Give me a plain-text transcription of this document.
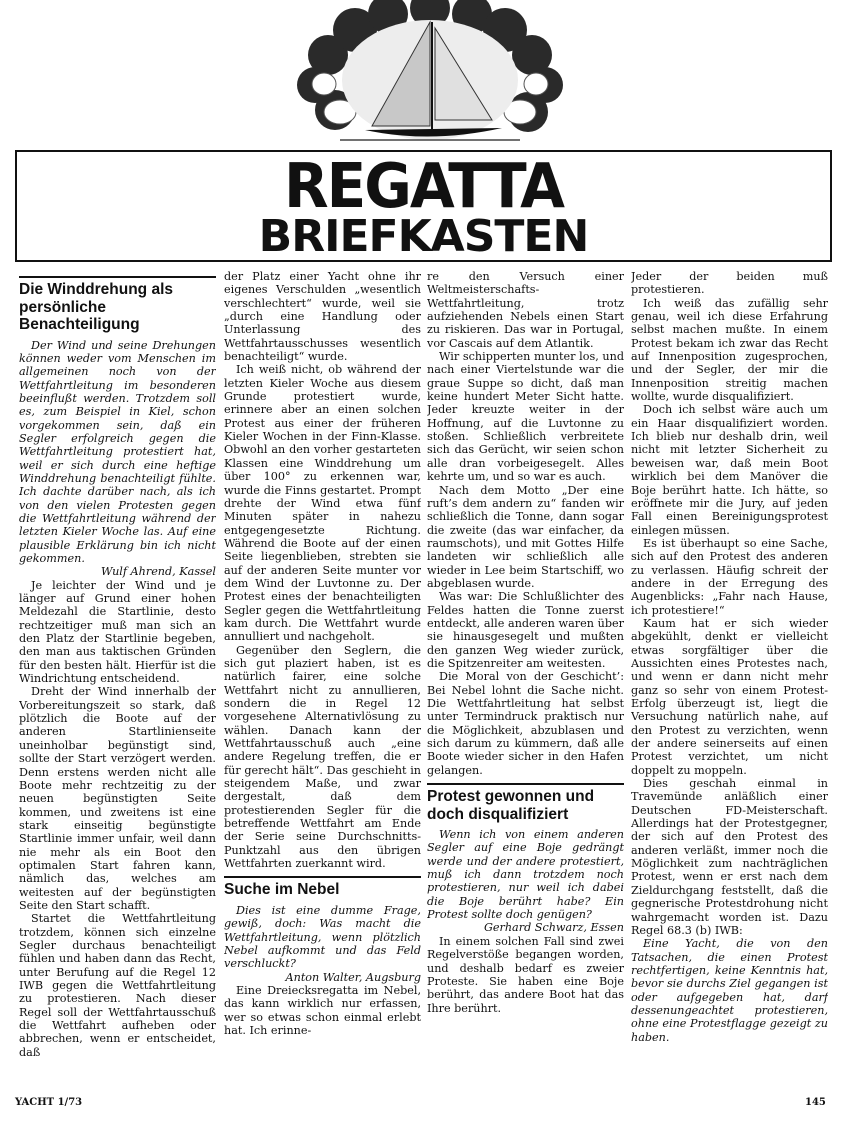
REGATTA
BRIEFKASTEN
Die Winddrehung als persönliche Benachteiligung

Der Wind und seine Drehungen können weder vom Menschen im allgemeinen noch von der Wettfahrtleitung im besonderen beeinflußt werden. Trotzdem soll es, zum Beispiel in Kiel, schon vorgekommen sein, daß ein Segler erfolgreich gegen die Wettfahrtleitung protestiert hat, weil er sich durch eine heftige Winddrehung benachteiligt fühlte. Ich dachte darüber nach, als ich von den vielen Protesten gegen die Wettfahrtleitung während der letzten Kieler Woche las. Auf eine plausible Erklärung bin ich nicht gekommen.

Wulf Ahrend, Kassel

Je leichter der Wind und je länger auf Grund einer hohen Meldezahl die Startlinie, desto rechtzeitiger muß man sich an den Platz der Startlinie begeben, den man aus taktischen Gründen für den besten hält. Hierfür ist die Windrichtung entscheidend.

Dreht der Wind innerhalb der Vorbereitungszeit so stark, daß plötzlich die Boote auf der anderen Startlinienseite uneinholbar begünstigt sind, sollte der Start verzögert werden. Denn erstens werden nicht alle Boote mehr rechtzeitig zu der neuen begünstigten Seite kommen, und zweitens ist eine stark einseitig begünstigte Startlinie immer unfair, weil dann nie mehr als ein Boot den optimalen Start fahren kann, nämlich das, welches am weitesten auf der begünstigten Seite den Start schafft.

Startet die Wettfahrtleitung trotzdem, können sich einzelne Segler durchaus benachteiligt fühlen und haben dann das Recht, unter Berufung auf die Regel 12 IWB gegen die Wettfahrtleitung zu protestieren. Nach dieser Regel soll der Wettfahrtausschuß die Wettfahrt aufheben oder abbrechen, wenn er entscheidet, daß

der Platz einer Yacht ohne ihr eigenes Verschulden „wesentlich verschlechtert“ wurde, weil sie „durch eine Handlung oder Unterlassung des Wettfahrtausschusses wesentlich benachteiligt“ wurde.

Ich weiß nicht, ob während der letzten Kieler Woche aus diesem Grunde protestiert wurde, erinnere aber an einen solchen Protest aus einer der früheren Kieler Wochen in der Finn-Klasse. Obwohl an den vorher gestarteten Klassen eine Winddrehung um über 100° zu erkennen war, wurde die Finns gestartet. Prompt drehte der Wind etwa fünf Minuten später in nahezu entgegengesetzte Richtung. Während die Boote auf der einen Seite liegenblieben, strebten sie auf der anderen Seite munter vor dem Wind der Luvtonne zu. Der Protest eines der benachteiligten Segler gegen die Wettfahrtleitung kam durch. Die Wettfahrt wurde annulliert und nachgeholt.

Gegenüber den Seglern, die sich gut plaziert haben, ist es natürlich fairer, eine solche Wettfahrt nicht zu annullieren, sondern die in Regel 12 vorgesehene Alternativlösung zu wählen. Danach kann der Wettfahrtausschuß auch „eine andere Regelung treffen, die er für gerecht hält“. Das geschieht in steigendem Maße, und zwar dergestalt, daß dem protestierenden Segler für die betreffende Wettfahrt am Ende der Serie seine Durchschnitts-Punktzahl aus den übrigen Wettfahrten zuerkannt wird.

Suche im Nebel

Dies ist eine dumme Frage, gewiß, doch: Was macht die Wettfahrtleitung, wenn plötzlich Nebel aufkommt und das Feld verschluckt?

Anton Walter, Augsburg

Eine Dreiecksregatta im Nebel, das kann wirklich nur erfassen, wer so etwas schon einmal erlebt hat. Ich erinne-

re den Versuch einer Weltmeisterschafts-Wettfahrtleitung, trotz aufziehenden Nebels einen Start zu riskieren. Das war in Portugal, vor Cascais auf dem Atlantik.

Wir schipperten munter los, und nach einer Viertelstunde war die graue Suppe so dicht, daß man keine hundert Meter Sicht hatte. Jeder kreuzte weiter in der Hoffnung, auf die Luvtonne zu stoßen. Schließlich verbreitete sich das Gerücht, wir seien schon alle dran vorbeigesegelt. Alles kehrte um, und so war es auch.

Nach dem Motto „Der eine ruft’s dem andern zu“ fanden wir schließlich die Tonne, dann sogar die zweite (das war einfacher, da raumschots), und mit Gottes Hilfe landeten wir schließlich alle wieder in Lee beim Startschiff, wo abgeblasen wurde.

Was war: Die Schlußlichter des Feldes hatten die Tonne zuerst entdeckt, alle anderen waren über sie hinausgesegelt und mußten den ganzen Weg wieder zurück, die Spitzenreiter am weitesten.

Die Moral von der Geschicht’: Bei Nebel lohnt die Sache nicht. Die Wettfahrtleitung hat selbst unter Termindruck praktisch nur die Möglichkeit, abzublasen und sich darum zu kümmern, daß alle Boote wieder sicher in den Hafen gelangen.

Protest gewonnen und doch disqualifiziert

Wenn ich von einem anderen Segler auf eine Boje gedrängt werde und der andere protestiert, muß ich dann trotzdem noch protestieren, nur weil ich dabei die Boje berührt habe? Ein Protest sollte doch genügen?

Gerhard Schwarz, Essen

In einem solchen Fall sind zwei Regelverstöße begangen worden, und deshalb bedarf es zweier Proteste. Sie haben eine Boje berührt, das andere Boot hat das Ihre berührt.

Jeder der beiden muß protestieren.

Ich weiß das zufällig sehr genau, weil ich diese Erfahrung selbst machen mußte. In einem Protest bekam ich zwar das Recht auf Innenposition zugesprochen, und der Segler, der mir die Innenposition streitig machen wollte, wurde disqualifiziert.

Doch ich selbst wäre auch um ein Haar disqualifiziert worden. Ich blieb nur deshalb drin, weil nicht mit letzter Sicherheit zu beweisen war, daß mein Boot wirklich bei dem Manöver die Boje berührt hatte. Ich hätte, so eröffnete mir die Jury, auf jeden Fall einen Bereinigungsprotest einlegen müssen.

Es ist überhaupt so eine Sache, sich auf den Protest des anderen zu verlassen. Häufig schreit der andere in der Erregung des Augenblicks: „Fahr nach Hause, ich protestiere!“

Kaum hat er sich wieder abgekühlt, denkt er vielleicht etwas sorgfältiger über die Aussichten eines Protestes nach, und wenn er dann nicht mehr ganz so sehr von einem Protest-Erfolg überzeugt ist, liegt die Versuchung natürlich nahe, auf den Protest zu verzichten, wenn der andere seinerseits auf einen Protest verzichtet, um nicht doppelt zu moppeln.

Dies geschah einmal in Travemünde anläßlich einer Deutschen FD-Meisterschaft. Allerdings hat der Protestgegner, der sich auf den Protest des anderen verläßt, immer noch die Möglichkeit zum nachträglichen Protest, wenn er erst nach dem Zieldurchgang feststellt, daß die gegnerische Protestdrohung nicht wahrgemacht worden ist. Dazu Regel 68.3 (b) IWB:

Eine Yacht, die von den Tatsachen, die einen Protest rechtfertigen, keine Kenntnis hat, bevor sie durchs Ziel gegangen ist oder aufgegeben hat, darf dessenungeachtet protestieren, ohne eine Protestflagge gezeigt zu haben.

YACHT 1/73	145
